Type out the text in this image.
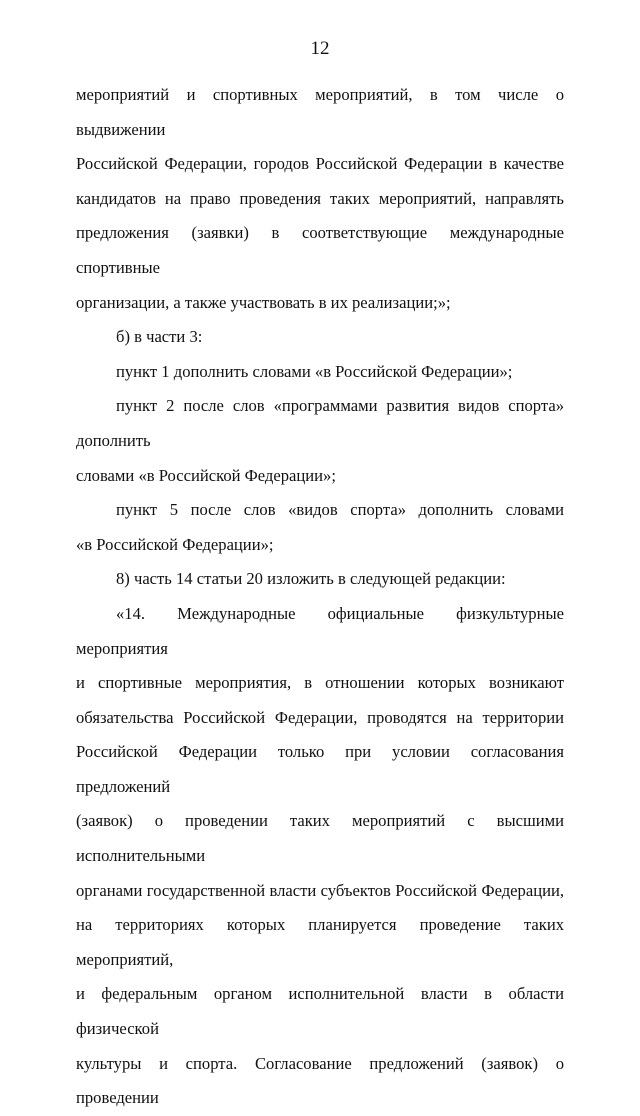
12
мероприятий и спортивных мероприятий, в том числе о выдвижении
Российской Федерации, городов Российской Федерации в качестве
кандидатов на право проведения таких мероприятий, направлять
предложения (заявки) в соответствующие международные спортивные
организации, а также участвовать в их реализации;»;
б) в части 3:
пункт 1 дополнить словами «в Российской Федерации»;
пункт 2 после слов «программами развития видов спорта» дополнить
словами «в Российской Федерации»;
пункт 5 после слов «видов спорта» дополнить словами
«в Российской Федерации»;
8) часть 14 статьи 20 изложить в следующей редакции:
«14. Международные официальные физкультурные мероприятия
и спортивные мероприятия, в отношении которых возникают
обязательства Российской Федерации, проводятся на территории
Российской Федерации только при условии согласования предложений
(заявок) о проведении таких мероприятий с высшими исполнительными
органами государственной власти субъектов Российской Федерации,
на территориях которых планируется проведение таких мероприятий,
и федеральным органом исполнительной власти в области физической
культуры и спорта. Согласование предложений (заявок) о проведении
